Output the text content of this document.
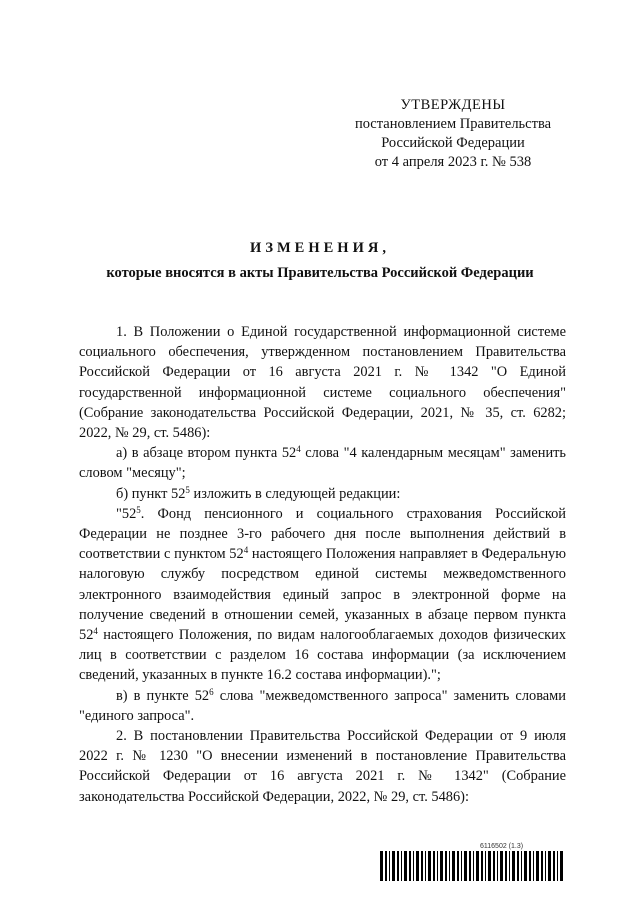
УТВЕРЖДЕНЫ
постановлением Правительства
Российской Федерации
от 4 апреля 2023 г. № 538
ИЗМЕНЕНИЯ,
которые вносятся в акты Правительства Российской Федерации

1. В Положении о Единой государственной информационной системе социального обеспечения, утвержденном постановлением Правительства Российской Федерации от 16 августа 2021 г. № 1342 "О Единой государственной информационной системе социального обеспечения" (Собрание законодательства Российской Федерации, 2021, № 35, ст. 6282; 2022, № 29, ст. 5486):

а) в абзаце втором пункта $52^4$ слова "4 календарным месяцам" заменить словом "месяцу";

б) пункт $52^5$ изложить в следующей редакции:

"$52^5$. Фонд пенсионного и социального страхования Российской Федерации не позднее 3-го рабочего дня после выполнения действий в соответствии с пунктом $52^4$ настоящего Положения направляет в Федеральную налоговую службу посредством единой системы межведомственного электронного взаимодействия единый запрос в электронной форме на получение сведений в отношении семей, указанных в абзаце первом пункта $52^4$ настоящего Положения, по видам налогооблагаемых доходов физических лиц в соответствии с разделом 16 состава информации (за исключением сведений, указанных в пункте 16.2 состава информации).";

в) в пункте $52^6$ слова "межведомственного запроса" заменить словами "единого запроса".

2. В постановлении Правительства Российской Федерации от 9 июля 2022 г. № 1230 "О внесении изменений в постановление Правительства Российской Федерации от 16 августа 2021 г. № 1342" (Собрание законодательства Российской Федерации, 2022, № 29, ст. 5486):

6116502 (1.3)
